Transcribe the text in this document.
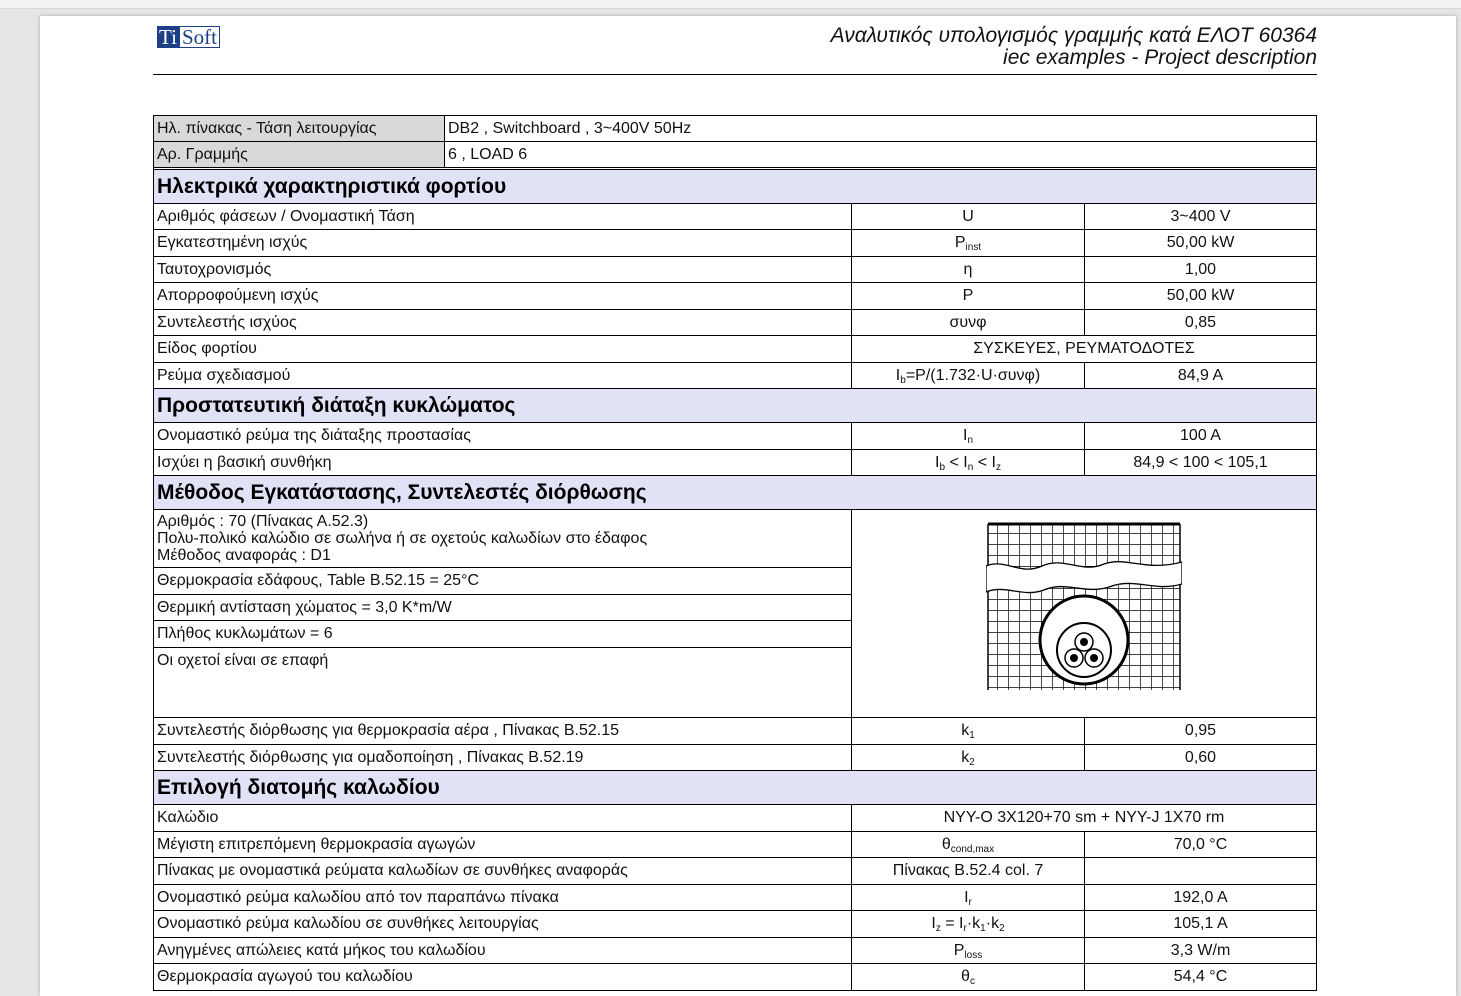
Ti Soft	Αναλυτικός υπολογισμός γραμμής κατά ΕΛΟΤ 60364
iec examples - Project description
Ηλ. πίνακας - Τάση λειτουργίας	DB2 , Switchboard , 3~400V 50Hz
Αρ. Γραμμής	6 , LOAD 6
Ηλεκτρικά χαρακτηριστικά φορτίου
Αριθμός φάσεων / Ονομαστική Τάση	U	3~400 V
Εγκατεστημένη ισχύς	$P_{inst}$	50,00 kW
Ταυτοχρονισμός	η	1,00
Απορροφούμενη ισχύς	P	50,00 kW
Συντελεστής ισχύος	συνφ	0,85
Είδος φορτίου	ΣΥΣΚΕΥΕΣ, ΡΕΥΜΑΤΟΔΟΤΕΣ
Ρεύμα σχεδιασμού	$I_b=P/(1.732\cdot U\cdot\sigma\upsilon\nu\varphi)$	84,9 A
Προστατευτική διάταξη κυκλώματος
Ονομαστικό ρεύμα της διάταξης προστασίας	$I_n$	100 A
Ισχύει η βασική συνθήκη	$I_b < I_n < I_z$	84,9 < 100 < 105,1
Μέθοδος Εγκατάστασης, Συντελεστές διόρθωσης
Αριθμός : 70 (Πίνακας Α.52.3)
Πολυ-πολικό καλώδιο σε σωλήνα ή σε οχετούς καλωδίων στο έδαφος
Μέθοδος αναφοράς : D1
Θερμοκρασία εδάφους, Table B.52.15 = 25°C
Θερμική αντίσταση χώματος = 3,0 K*m/W
Πλήθος κυκλωμάτων = 6
Οι οχετοί είναι σε επαφή
Συντελεστής διόρθωσης για θερμοκρασία αέρα , Πίνακας Β.52.15	$k_1$	0,95
Συντελεστής διόρθωσης για ομαδοποίηση , Πίνακας Β.52.19	$k_2$	0,60
Επιλογή διατομής καλωδίου
Καλώδιο	NYY-O 3X120+70 sm + NYY-J 1X70 rm
Μέγιστη επιτρεπόμενη θερμοκρασία αγωγών	$\theta_{cond,max}$	70,0 °C
Πίνακας με ονομαστικά ρεύματα καλωδίων σε συνθήκες αναφοράς	Πίνακας B.52.4 col. 7
Ονομαστικό ρεύμα καλωδίου από τον παραπάνω πίνακα	$I_r$	192,0 A
Ονομαστικό ρεύμα καλωδίου σε συνθήκες λειτουργίας	$I_z = I_r\cdot k_1\cdot k_2$	105,1 A
Ανηγμένες απώλειες κατά μήκος του καλωδίου	$P_{loss}$	3,3 W/m
Θερμοκρασία αγωγού του καλωδίου	$\theta_c$	54,4 °C
